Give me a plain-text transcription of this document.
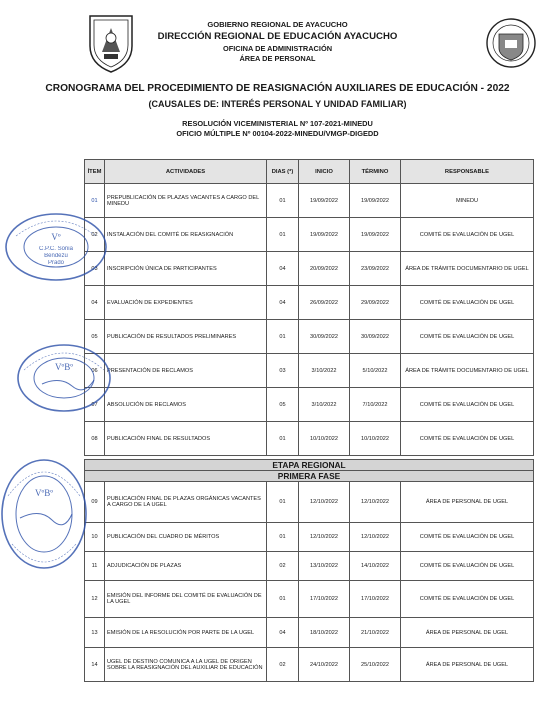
GOBIERNO REGIONAL DE AYACUCHO
DIRECCIÓN REGIONAL DE EDUCACIÓN AYACUCHO
OFICINA DE ADMINISTRACIÓN
ÁREA DE PERSONAL
CRONOGRAMA DEL PROCEDIMIENTO DE REASIGNACIÓN AUXILIARES DE EDUCACIÓN - 2022
(CAUSALES DE: INTERÉS PERSONAL Y UNIDAD FAMILIAR)
RESOLUCIÓN VICEMINISTERIAL Nº 107-2021-MINEDU
OFICIO MÚLTIPLE Nº 00104-2022-MINEDU/VMGP-DIGEDD
ÍTEM	ACTIVIDADES	DIAS (*)	INICIO	TÉRMINO	RESPONSABLE
01	PREPUBLICACIÓN DE PLAZAS VACANTES A CARGO DEL MINEDU	01	19/09/2022	19/09/2022	MINEDU
02	INSTALACIÓN DEL COMITÉ DE REASIGNACIÓN	01	19/09/2022	19/09/2022	COMITÉ DE EVALUACIÓN DE UGEL
03	INSCRIPCIÓN ÚNICA DE PARTICIPANTES	04	20/09/2022	23/09/2022	ÁREA DE TRÁMITE DOCUMENTARIO DE UGEL
04	EVALUACIÓN DE EXPEDIENTES	04	26/09/2022	29/09/2022	COMITÉ DE EVALUACIÓN DE UGEL
05	PUBLICACIÓN DE RESULTADOS PRELIMINARES	01	30/09/2022	30/09/2022	COMITÉ DE EVALUACIÓN DE UGEL
06	PRESENTACIÓN DE RECLAMOS	03	3/10/2022	5/10/2022	ÁREA DE TRÁMITE DOCUMENTARIO DE UGEL
07	ABSOLUCIÓN DE RECLAMOS	05	3/10/2022	7/10/2022	COMITÉ DE EVALUACIÓN DE UGEL
08	PUBLICACIÓN FINAL DE RESULTADOS	01	10/10/2022	10/10/2022	COMITÉ DE EVALUACIÓN DE UGEL

ETAPA REGIONAL					
PRIMERA FASE					
09	PUBLICACIÓN FINAL DE PLAZAS ORGÁNICAS VACANTES A CARGO DE LA UGEL	01	12/10/2022	12/10/2022	ÁREA DE PERSONAL DE UGEL
10	PUBLICACIÓN DEL CUADRO DE MÉRITOS	01	12/10/2022	12/10/2022	COMITÉ DE EVALUACIÓN DE UGEL
11	ADJUDICACIÓN DE PLAZAS	02	13/10/2022	14/10/2022	COMITÉ DE EVALUACIÓN DE UGEL
12	EMISIÓN DEL INFORME DEL COMITÉ DE EVALUACIÓN DE LA UGEL	01	17/10/2022	17/10/2022	COMITÉ DE EVALUACIÓN DE UGEL
13	EMISIÓN DE LA RESOLUCIÓN POR PARTE DE LA UGEL	04	18/10/2022	21/10/2022	ÁREA DE PERSONAL DE UGEL
14	UGEL DE DESTINO COMUNICA A LA UGEL DE ORIGEN SOBRE LA REASIGNACIÓN DEL AUXILIAR DE EDUCACIÓN	02	24/10/2022	25/10/2022	ÁREA DE PERSONAL DE UGEL
Vº
C.P.C. Sonia
Bendezu
Prado
VºBº
VºBº
